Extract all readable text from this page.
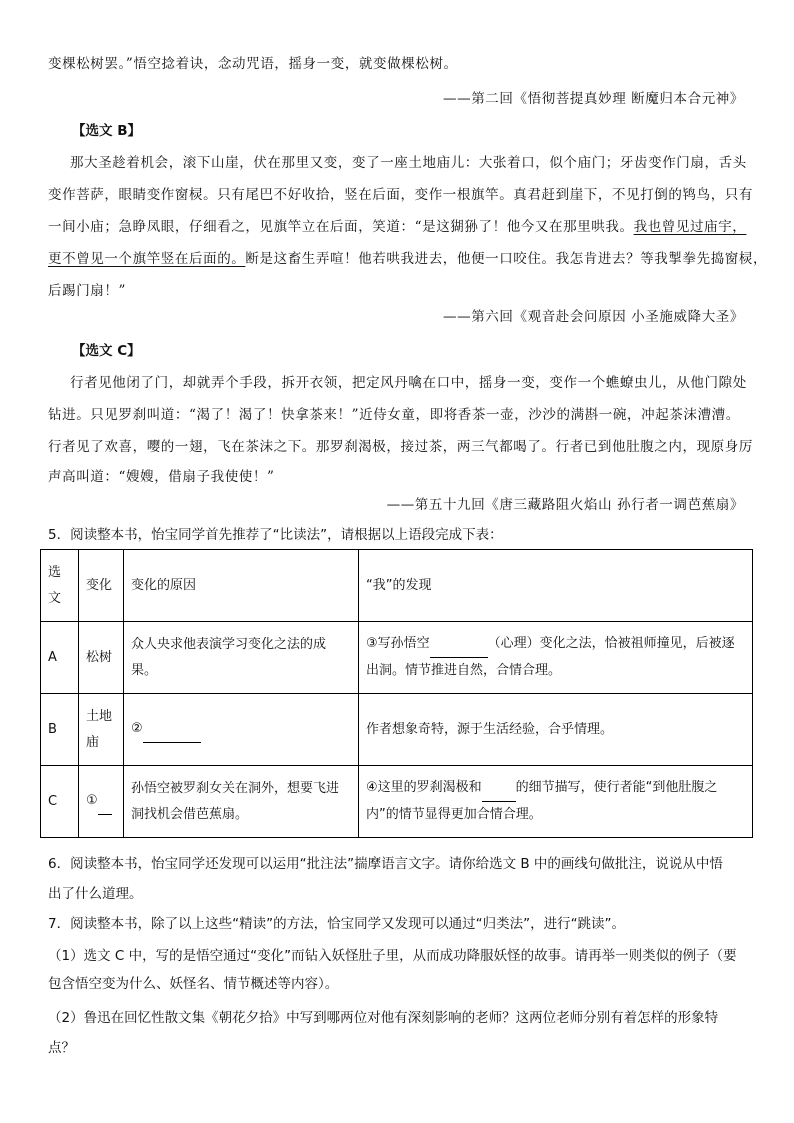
变棵松树罢。”悟空捻着诀，念动咒语，摇身一变，就变做棵松树。
——第二回《悟彻菩提真妙理 断魔归本合元神》
【选文 B】
那大圣趁着机会，滚下山崖，伏在那里又变，变了一座土地庙儿：大张着口，似个庙门；牙齿变作门扇，舌头
变作菩萨，眼睛变作窗棂。只有尾巴不好收拾，竖在后面，变作一根旗竿。真君赶到崖下，不见打倒的鸨鸟，只有
一间小庙；急睁凤眼，仔细看之，见旗竿立在后面，笑道：“是这猢狲了！他今又在那里哄我。我也曾见过庙宇，
更不曾见一个旗竿竖在后面的。断是这畜生弄喧！他若哄我进去，他便一口咬住。我怎肯进去？等我掣拳先捣窗棂，
后踢门扇！”
——第六回《观音赴会问原因 小圣施威降大圣》
【选文 C】
行者见他闭了门，却就弄个手段，拆开衣领，把定风丹噙在口中，摇身一变，变作一个蟭蟟虫儿，从他门隙处
钻进。只见罗刹叫道：“渴了！渴了！快拿茶来！”近侍女童，即将香茶一壶，沙沙的满斟一碗，冲起茶沫漕漕。
行者见了欢喜，嘤的一翅，飞在茶沫之下。那罗刹渴极，接过茶，两三气都喝了。行者已到他肚腹之内，现原身厉
声高叫道：“嫂嫂，借扇子我使使！”
——第五十九回《唐三藏路阻火焰山 孙行者一调芭蕉扇》
5．阅读整本书，怡宝同学首先推荐了“比读法”，请根据以上语段完成下表：
选文	变化	变化的原因	“我”的发现
A	松树	众人央求他表演学习变化之法的成果。	③写孙悟空 （心理）变化之法，恰被祖师撞见，后被逐出洞。情节推进自然，合情合理。
B	土地庙	②	作者想象奇特，源于生活经验，合乎情理。
C	①	孙悟空被罗刹女关在洞外，想要飞进洞找机会借芭蕉扇。	④这里的罗刹渴极和 的细节描写，使行者能“到他肚腹之内”的情节显得更加合情合理。
6．阅读整本书，怡宝同学还发现可以运用“批注法”揣摩语言文字。请你给选文 B 中的画线句做批注，说说从中悟
出了什么道理。
7．阅读整本书，除了以上这些“精读”的方法，恰宝同学又发现可以通过“归类法”，进行“跳读”。
（1）选文 C 中，写的是悟空通过“变化”而钻入妖怪肚子里，从而成功降服妖怪的故事。请再举一则类似的例子（要
包含悟空变为什么、妖怪名、情节概述等内容）。
（2）鲁迅在回忆性散文集《朝花夕拾》中写到哪两位对他有深刻影响的老师？这两位老师分别有着怎样的形象特
点？
